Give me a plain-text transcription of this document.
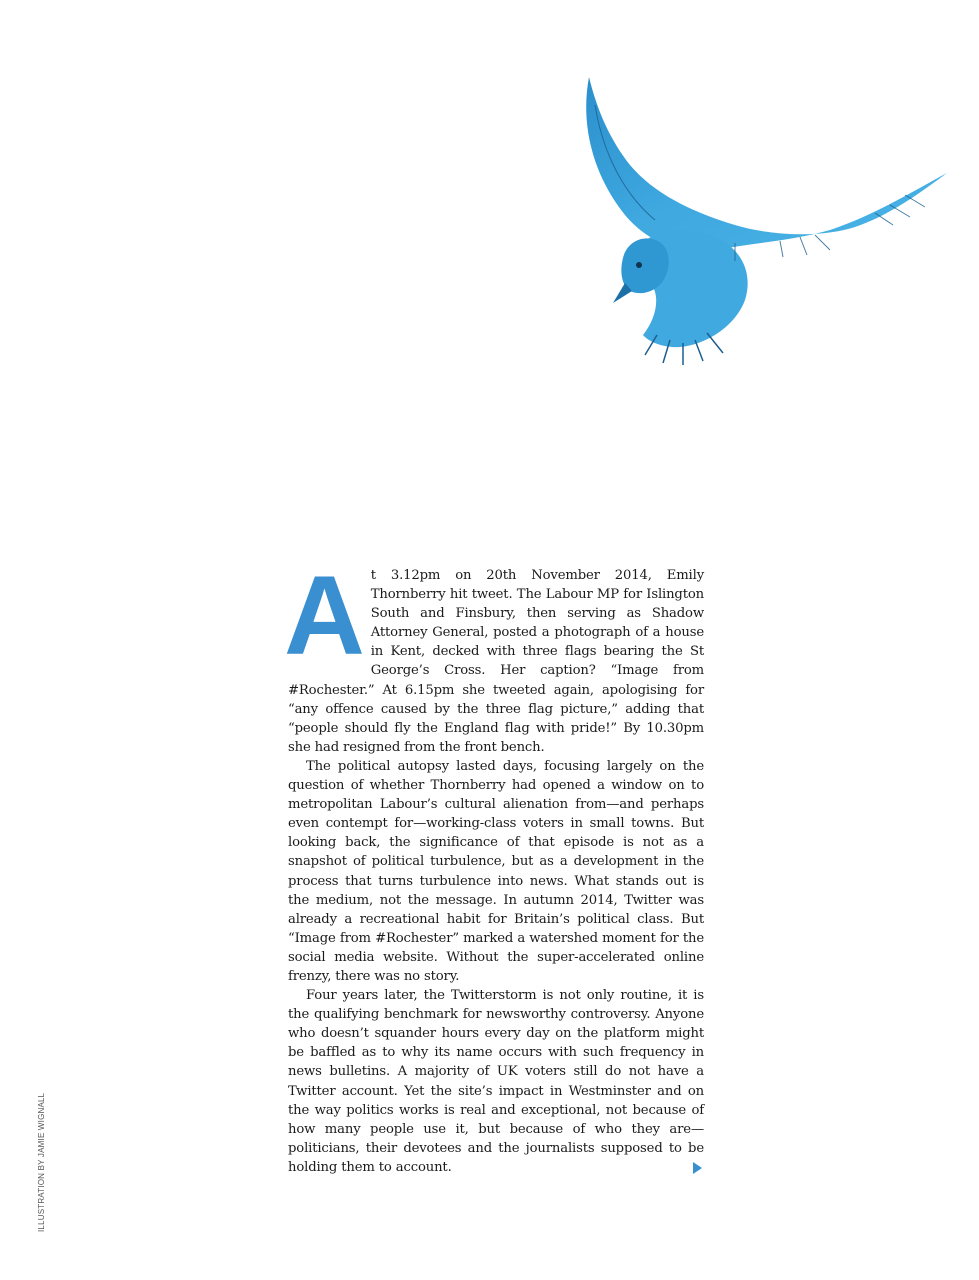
A t 3.12pm on 20th November 2014, Emily Thornberry hit tweet. The Labour MP for Islington South and Finsbury, then serving as Shadow Attorney General, posted a photograph of a house in Kent, decked with three flags bearing the St George’s Cross. Her caption? “Image from #Rochester.” At 6.15pm she tweeted again, apologising for “any offence caused by the three flag picture,” adding that “people should fly the England flag with pride!” By 10.30pm she had resigned from the front bench.

The political autopsy lasted days, focusing largely on the question of whether Thornberry had opened a window on to metropolitan Labour’s cultural alienation from—and perhaps even contempt for—working-class voters in small towns. But looking back, the significance of that episode is not as a snapshot of political turbulence, but as a development in the process that turns turbulence into news. What stands out is the medium, not the message. In autumn 2014, Twitter was already a recreational habit for Britain’s political class. But “Image from #Rochester” marked a watershed moment for the social media website. Without the super-accelerated online frenzy, there was no story.

Four years later, the Twitterstorm is not only routine, it is the qualifying benchmark for newsworthy controversy. Anyone who doesn’t squander hours every day on the platform might be baffled as to why its name occurs with such frequency in news bulletins. A majority of UK voters still do not have a Twitter account. Yet the site’s impact in Westminster and on the way politics works is real and exceptional, not because of how many people use it, but because of who they are—politicians, their devotees and the journalists supposed to be holding them to account.

ILLUSTRATION BY JAMIE WIGNALL
